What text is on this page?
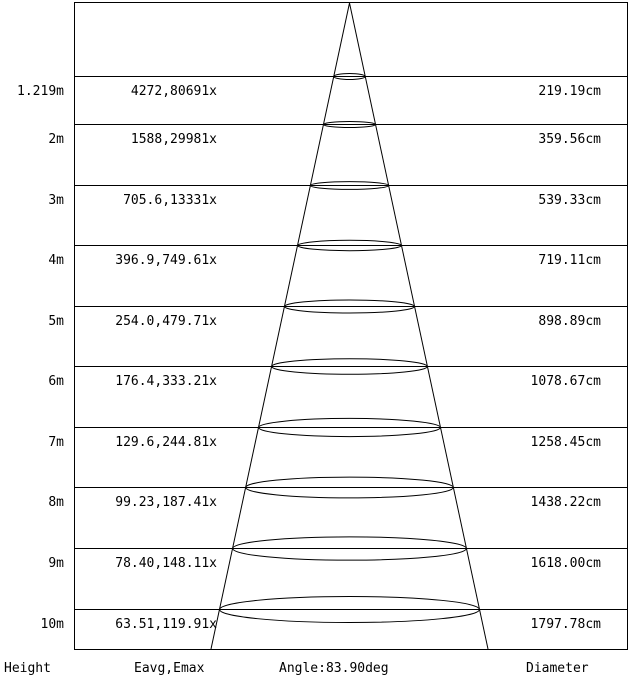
1.219m	4272,80691x	219.19cm
2m	1588,29981x	359.56cm
3m	705.6,13331x	539.33cm
4m	396.9,749.61x	719.11cm
5m	254.0,479.71x	898.89cm
6m	176.4,333.21x	1078.67cm
7m	129.6,244.81x	1258.45cm
8m	99.23,187.41x	1438.22cm
9m	78.40,148.11x	1618.00cm
10m	63.51,119.91x	1797.78cm
Height	Eavg,Emax	Angle:83.90deg	Diameter
